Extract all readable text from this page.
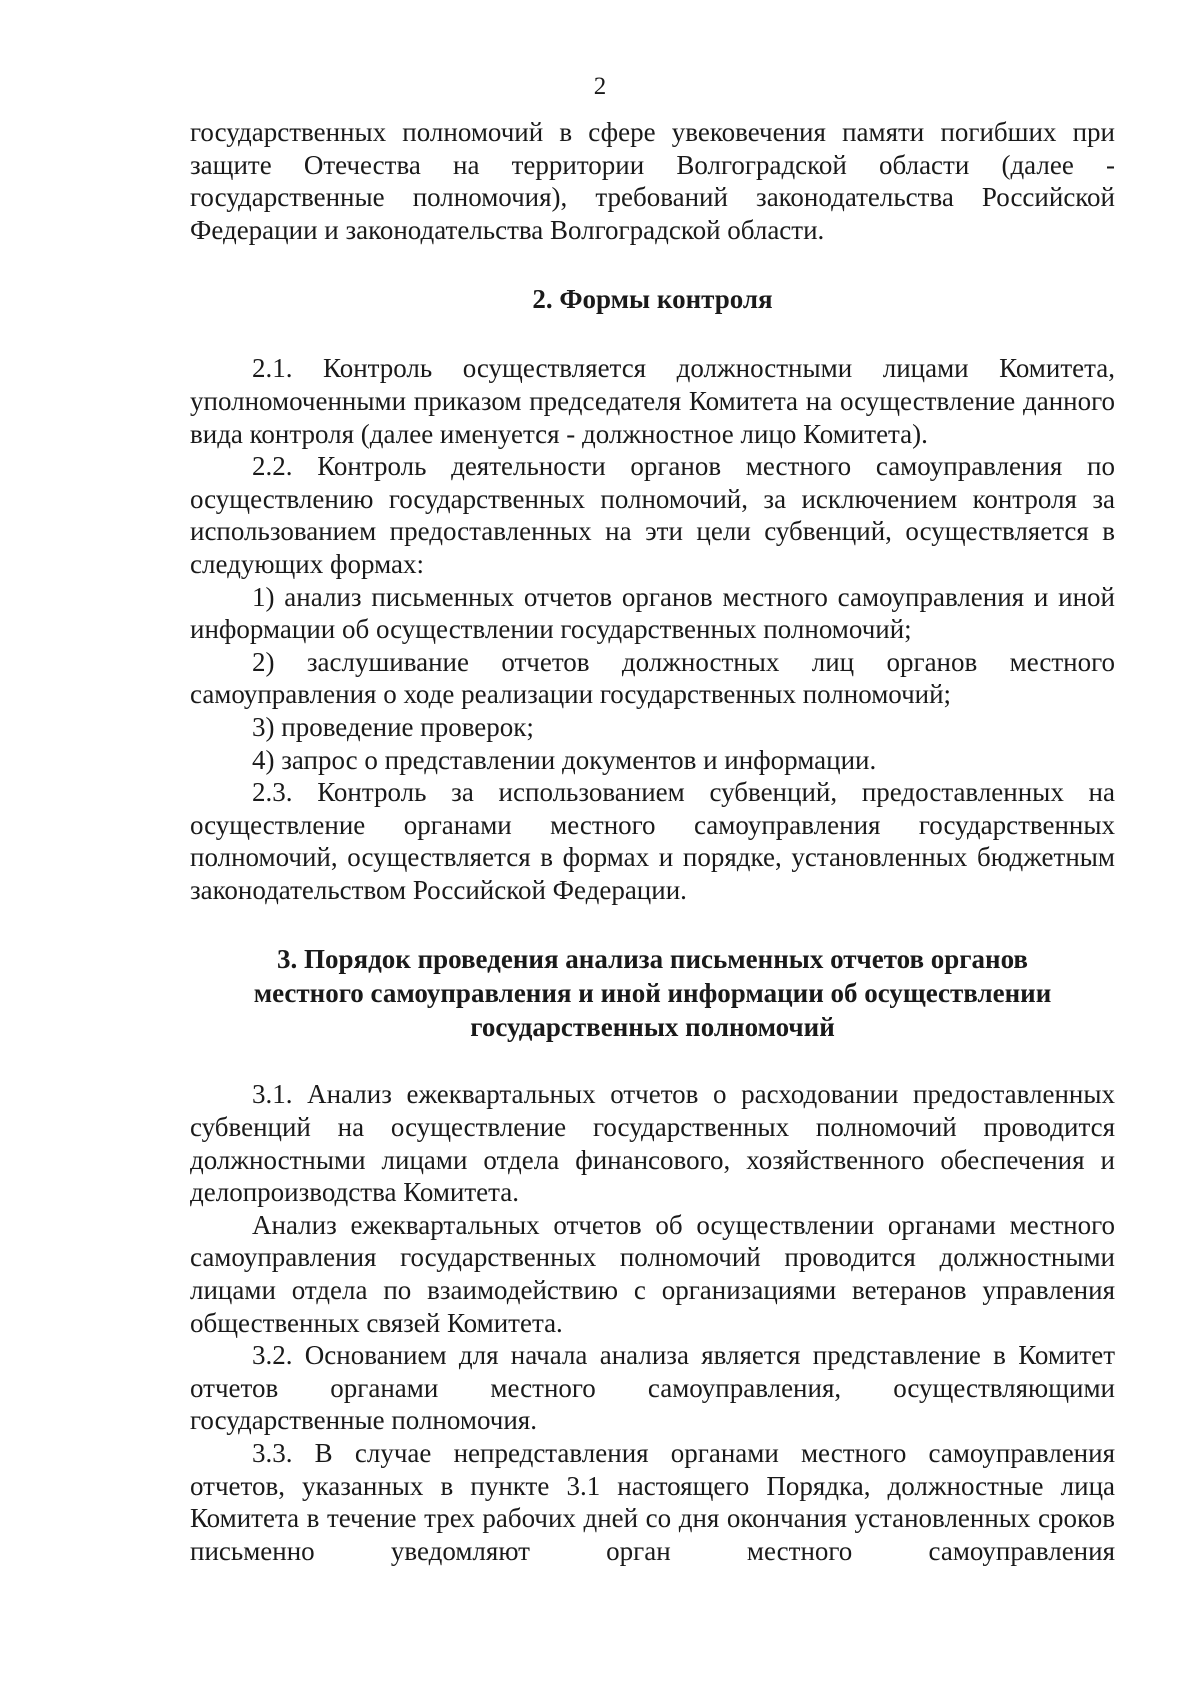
2

государственных полномочий в сфере увековечения памяти погибших при защите Отечества на территории Волгоградской области (далее - государственные полномочия), требований законодательства Российской Федерации и законодательства Волгоградской области.

2. Формы контроля

2.1. Контроль осуществляется должностными лицами Комитета, уполномоченными приказом председателя Комитета на осуществление данного вида контроля (далее именуется - должностное лицо Комитета).

2.2. Контроль деятельности органов местного самоуправления по осуществлению государственных полномочий, за исключением контроля за использованием предоставленных на эти цели субвенций, осуществляется в следующих формах:

1) анализ письменных отчетов органов местного самоуправления и иной информации об осуществлении государственных полномочий;

2) заслушивание отчетов должностных лиц органов местного самоуправления о ходе реализации государственных полномочий;

3) проведение проверок;

4) запрос о представлении документов и информации.

2.3. Контроль за использованием субвенций, предоставленных на осуществление органами местного самоуправления государственных полномочий, осуществляется в формах и порядке, установленных бюджетным законодательством Российской Федерации.

3. Порядок проведения анализа письменных отчетов органов
местного самоуправления и иной информации об осуществлении
государственных полномочий

3.1. Анализ ежеквартальных отчетов о расходовании предоставленных субвенций на осуществление государственных полномочий проводится должностными лицами отдела финансового, хозяйственного обеспечения и делопроизводства Комитета.

Анализ ежеквартальных отчетов об осуществлении органами местного самоуправления государственных полномочий проводится должностными лицами отдела по взаимодействию с организациями ветеранов управления общественных связей Комитета.

3.2. Основанием для начала анализа является представление в Комитет отчетов органами местного самоуправления, осуществляющими государственные полномочия.

3.3. В случае непредставления органами местного самоуправления отчетов, указанных в пункте 3.1 настоящего Порядка, должностные лица Комитета в течение трех рабочих дней со дня окончания установленных сроков письменно уведомляют орган местного самоуправления
